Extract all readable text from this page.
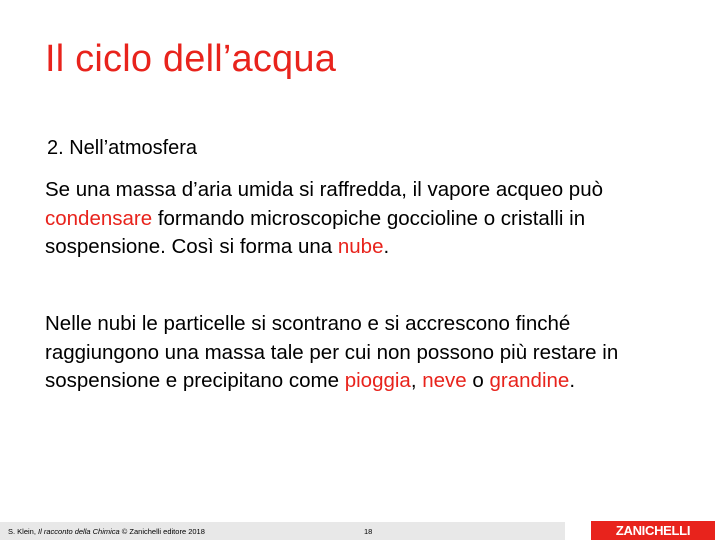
Il ciclo dell’acqua
2. Nell’atmosfera
Se una massa d’aria umida si raffredda, il vapore acqueo può condensare formando microscopiche goccioline o cristalli in sospensione. Così si forma una nube.
Nelle nubi le particelle si scontrano e si accrescono finché raggiungono una massa tale per cui non possono più restare in sospensione e precipitano come pioggia, neve o grandine.
S. Klein, Il racconto della Chimica © Zanichelli editore 2018	18	ZANICHELLI
